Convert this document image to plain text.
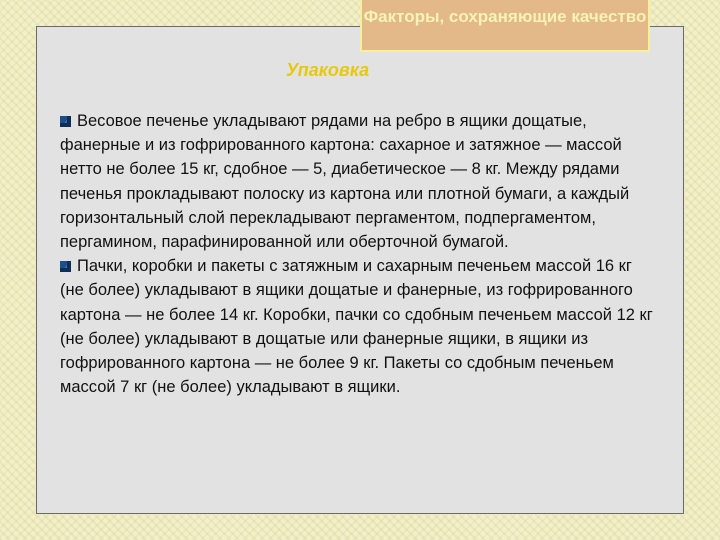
Факторы, сохраняющие качество
Упаковка

Весовое печенье укладывают рядами на ребро в ящики дощатые, фанерные и из гофрированного картона: сахарное и затяжное — массой нетто не более 15 кг, сдобное — 5, диабетическое — 8 кг. Между рядами печенья прокладывают полоску из картона или плотной бумаги, а каждый горизонтальный слой перекладывают пергаментом, подпергаментом, пергамином, парафинированной или оберточной бумагой.

Пачки, коробки и пакеты с затяжным и сахарным печеньем массой 16 кг (не более) укладывают в ящики дощатые и фанерные, из гофрированного картона — не более 14 кг. Коробки, пачки со сдобным печеньем массой 12 кг (не более) укладывают в дощатые или фанерные ящики, в ящики из гофрированного картона — не более 9 кг. Пакеты со сдобным печеньем массой 7 кг (не более) укладывают в ящики.
